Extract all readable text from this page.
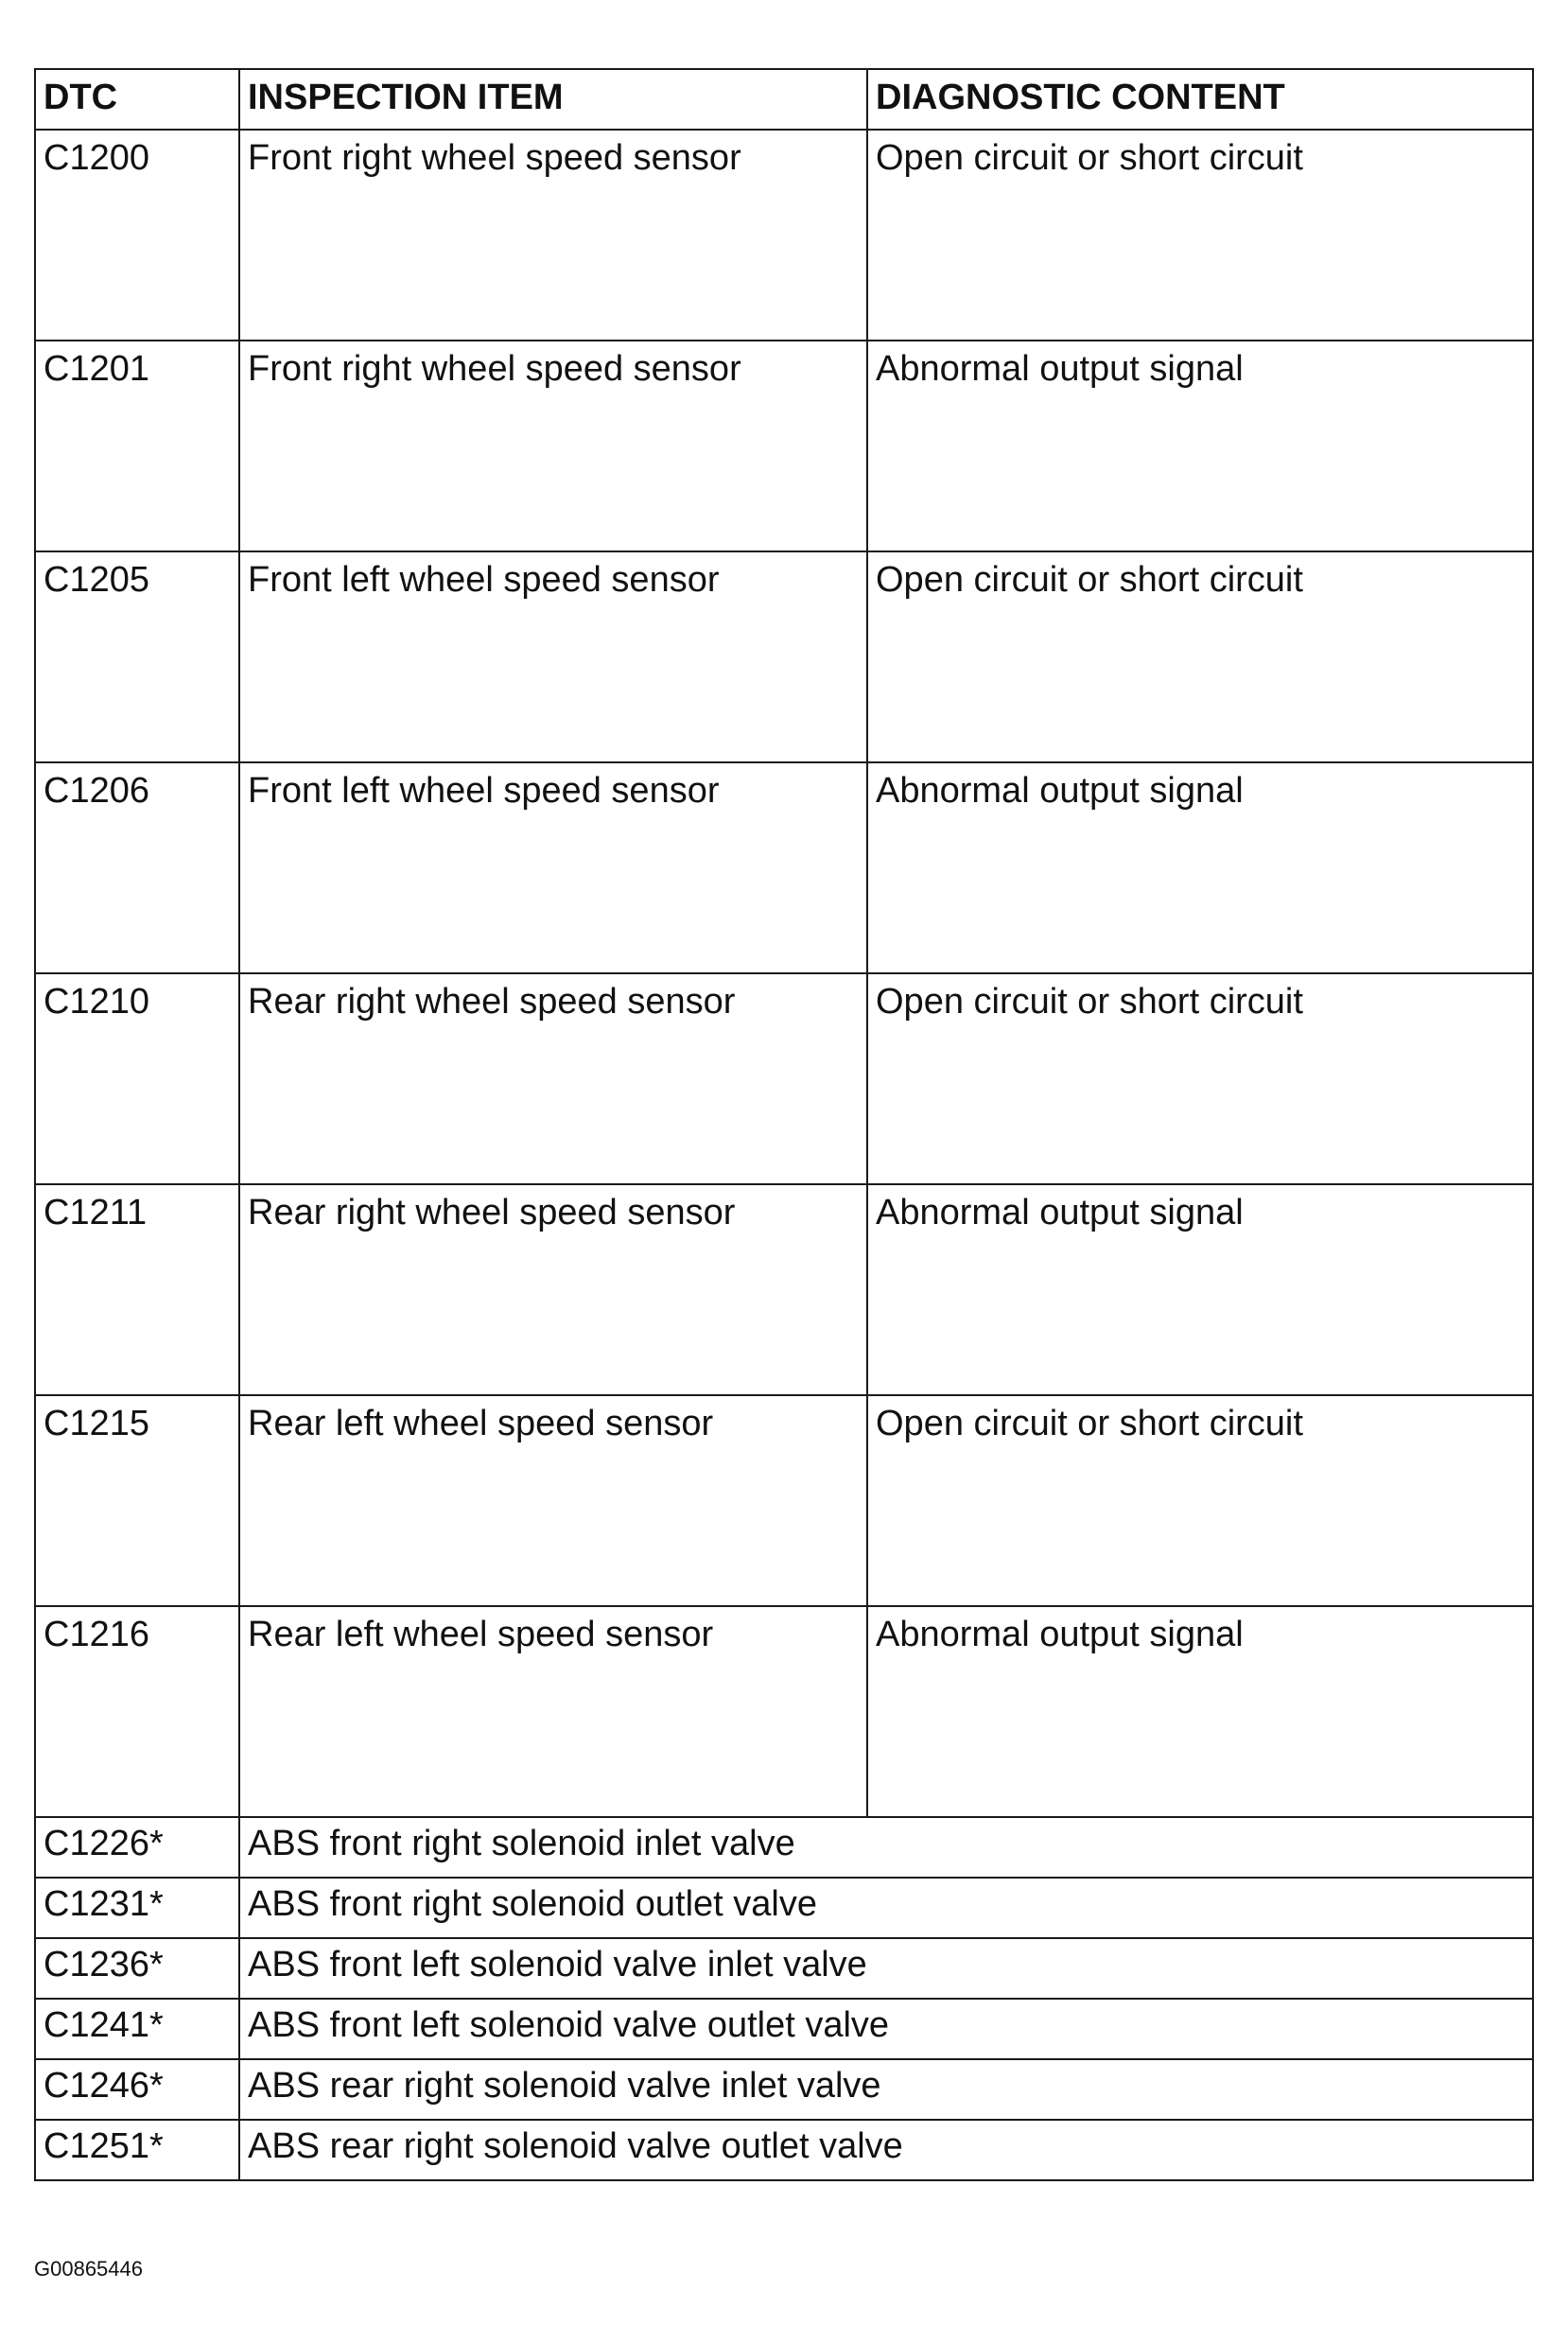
DTC	INSPECTION ITEM	DIAGNOSTIC CONTENT
C1200	Front right wheel speed sensor	Open circuit or short circuit
C1201	Front right wheel speed sensor	Abnormal output signal
C1205	Front left wheel speed sensor	Open circuit or short circuit
C1206	Front left wheel speed sensor	Abnormal output signal
C1210	Rear right wheel speed sensor	Open circuit or short circuit
C1211	Rear right wheel speed sensor	Abnormal output signal
C1215	Rear left wheel speed sensor	Open circuit or short circuit
C1216	Rear left wheel speed sensor	Abnormal output signal
C1226*	ABS front right solenoid inlet valve	
C1231*	ABS front right solenoid outlet valve	
C1236*	ABS front left solenoid valve inlet valve	
C1241*	ABS front left solenoid valve outlet valve	
C1246*	ABS rear right solenoid valve inlet valve	
C1251*	ABS rear right solenoid valve outlet valve	
G00865446
